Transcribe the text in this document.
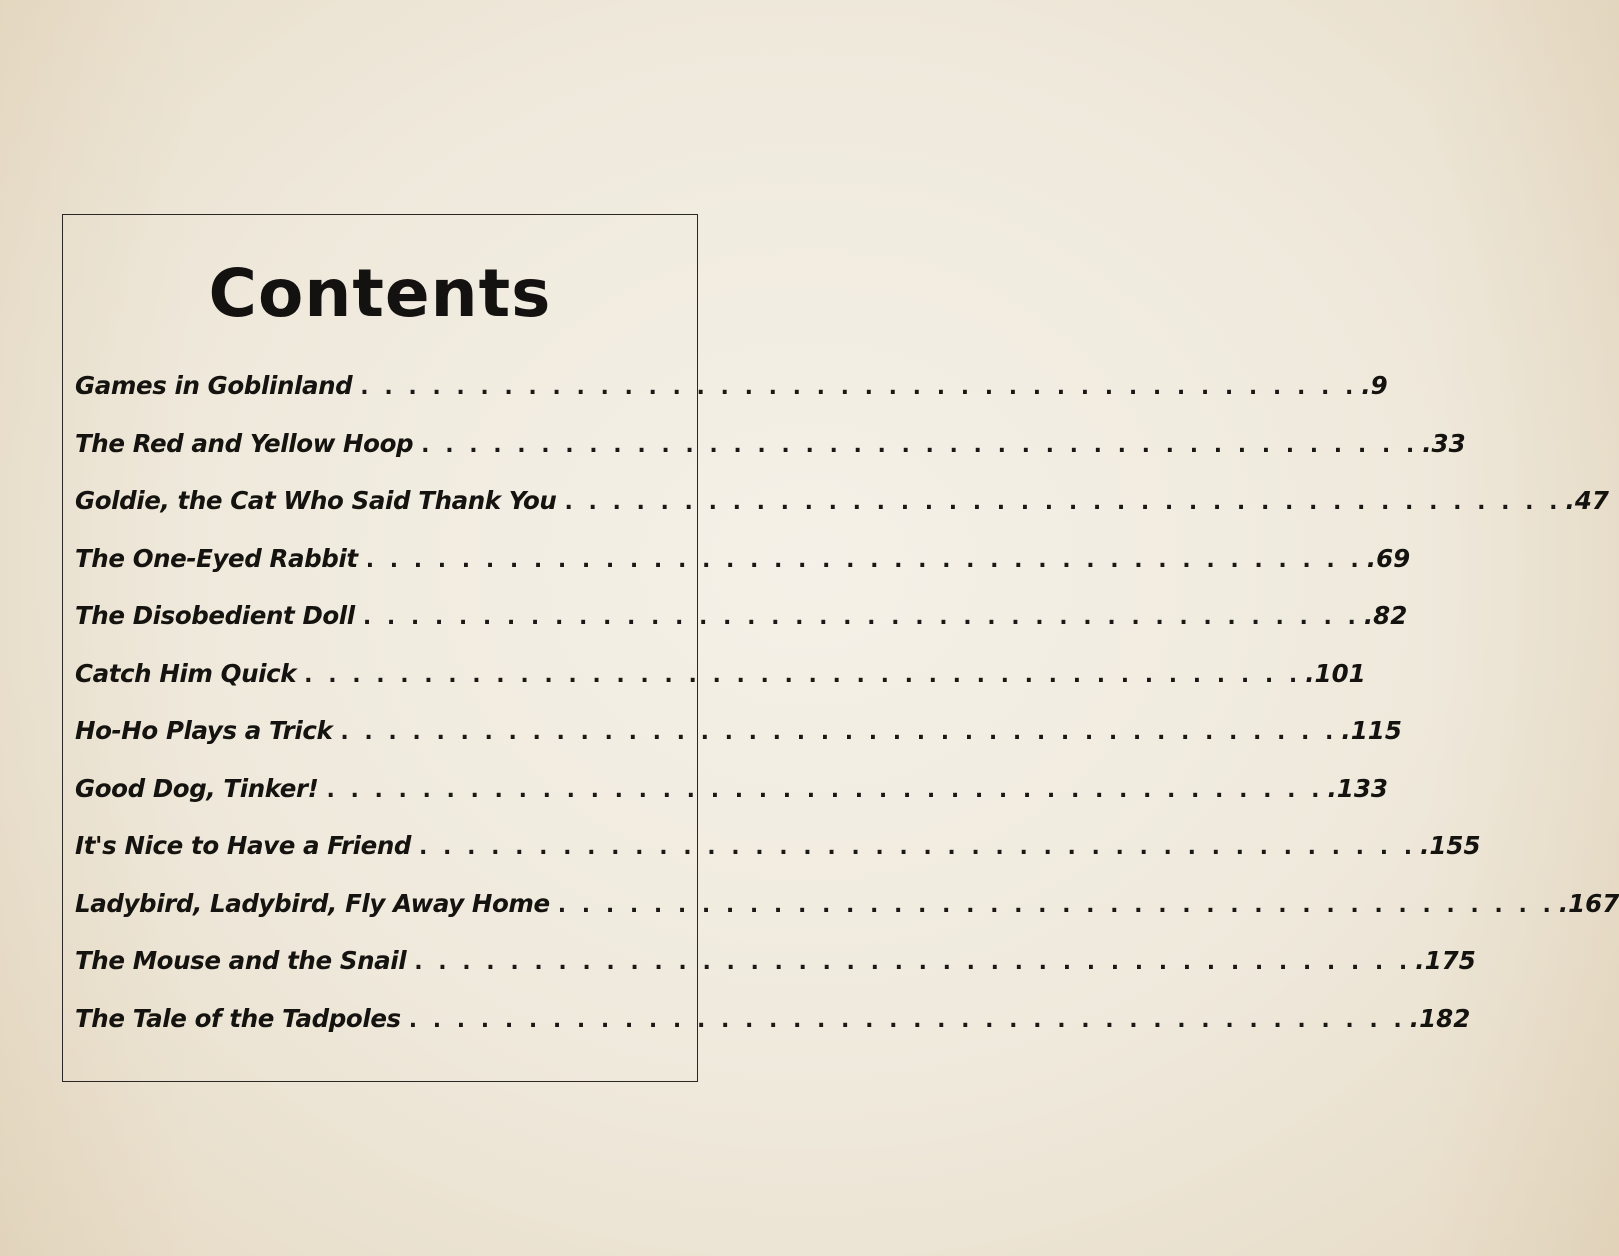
Contents
Games in Goblinland . . . . . . . . . . . . . . . . . . . . . . . . . . . . . . . . . . . . . . . . . . .9
The Red and Yellow Hoop . . . . . . . . . . . . . . . . . . . . . . . . . . . . . . . . . . . . . . . . . . .33
Goldie, the Cat Who Said Thank You . . . . . . . . . . . . . . . . . . . . . . . . . . . . . . . . . . . . . . . . . . .47
The One-Eyed Rabbit . . . . . . . . . . . . . . . . . . . . . . . . . . . . . . . . . . . . . . . . . . .69
The Disobedient Doll . . . . . . . . . . . . . . . . . . . . . . . . . . . . . . . . . . . . . . . . . . .82
Catch Him Quick . . . . . . . . . . . . . . . . . . . . . . . . . . . . . . . . . . . . . . . . . . .101
Ho-Ho Plays a Trick . . . . . . . . . . . . . . . . . . . . . . . . . . . . . . . . . . . . . . . . . . .115
Good Dog, Tinker! . . . . . . . . . . . . . . . . . . . . . . . . . . . . . . . . . . . . . . . . . . .133
It's Nice to Have a Friend . . . . . . . . . . . . . . . . . . . . . . . . . . . . . . . . . . . . . . . . . . .155
Ladybird, Ladybird, Fly Away Home . . . . . . . . . . . . . . . . . . . . . . . . . . . . . . . . . . . . . . . . . . .167
The Mouse and the Snail . . . . . . . . . . . . . . . . . . . . . . . . . . . . . . . . . . . . . . . . . . .175
The Tale of the Tadpoles . . . . . . . . . . . . . . . . . . . . . . . . . . . . . . . . . . . . . . . . . . .182
